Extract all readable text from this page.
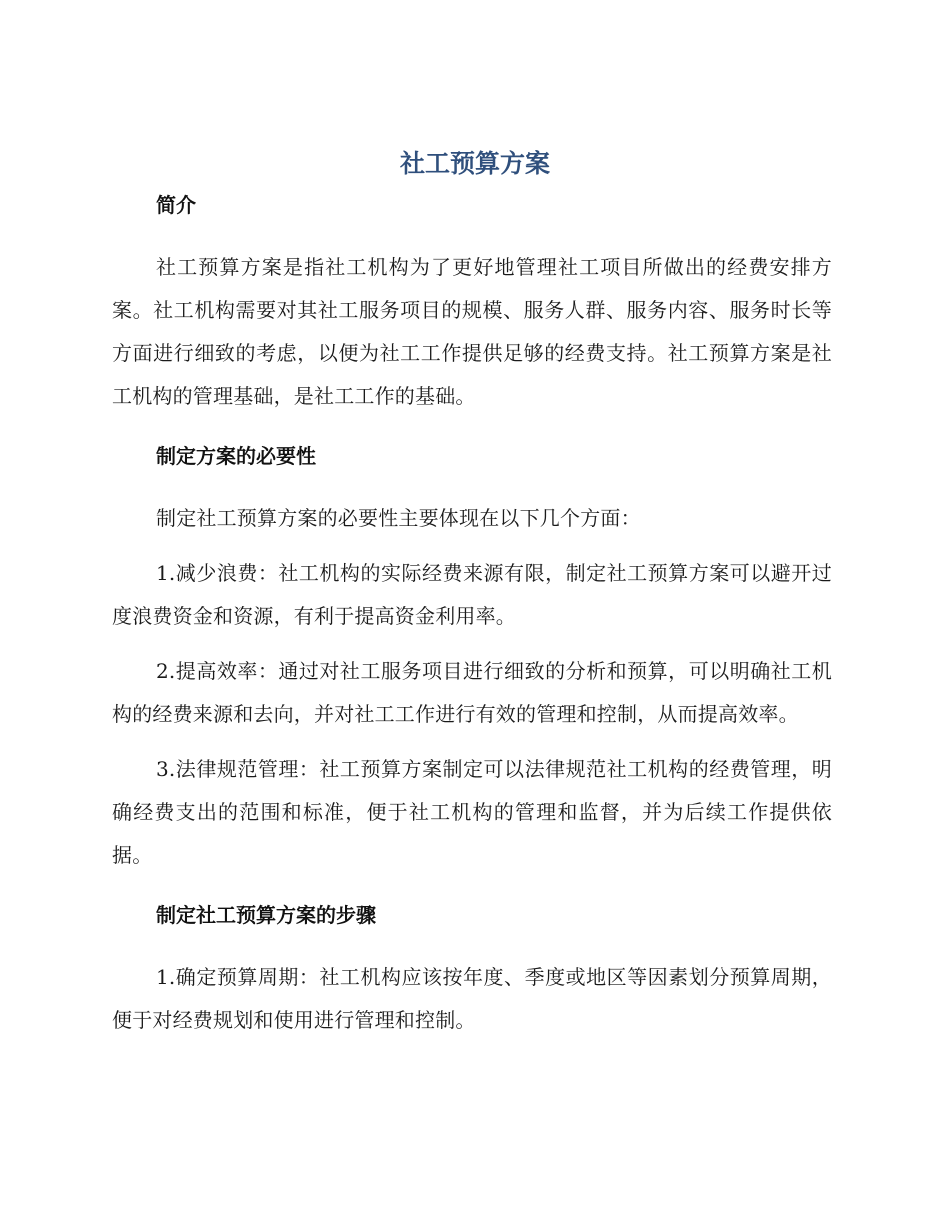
社工预算方案
简介

社工预算方案是指社工机构为了更好地管理社工项目所做出的经费安排方案。社工机构需要对其社工服务项目的规模、服务人群、服务内容、服务时长等方面进行细致的考虑，以便为社工工作提供足够的经费支持。社工预算方案是社工机构的管理基础，是社工工作的基础。

制定方案的必要性

制定社工预算方案的必要性主要体现在以下几个方面：

1.减少浪费：社工机构的实际经费来源有限，制定社工预算方案可以避开过度浪费资金和资源，有利于提高资金利用率。

2.提高效率：通过对社工服务项目进行细致的分析和预算，可以明确社工机构的经费来源和去向，并对社工工作进行有效的管理和控制，从而提高效率。

3.法律规范管理：社工预算方案制定可以法律规范社工机构的经费管理，明确经费支出的范围和标准，便于社工机构的管理和监督，并为后续工作提供依据。

制定社工预算方案的步骤

1.确定预算周期：社工机构应该按年度、季度或地区等因素划分预算周期，便于对经费规划和使用进行管理和控制。
